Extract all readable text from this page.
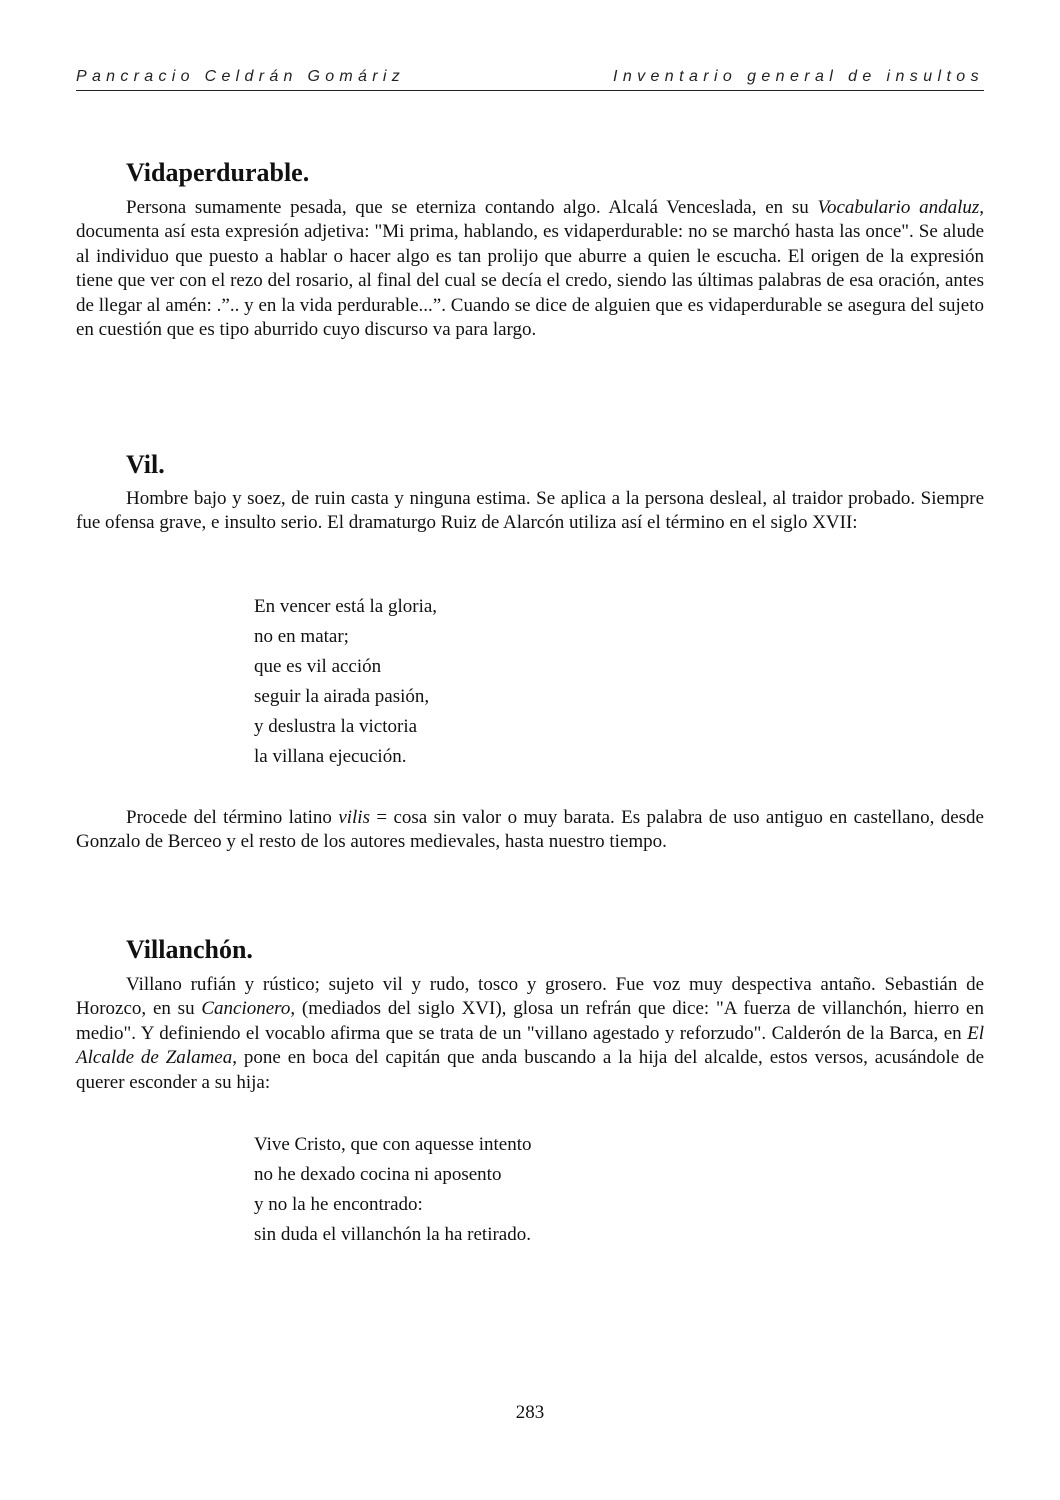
Pancracio Celdrán Gomáriz	Inventario general de insultos
Vidaperdurable.

Persona sumamente pesada, que se eterniza contando algo. Alcalá Venceslada, en su Vocabulario andaluz, documenta así esta expresión adjetiva: "Mi prima, hablando, es vidaperdurable: no se marchó hasta las once". Se alude al individuo que puesto a hablar o hacer algo es tan prolijo que aburre a quien le escucha. El origen de la expresión tiene que ver con el rezo del rosario, al final del cual se decía el credo, siendo las últimas palabras de esa oración, antes de llegar al amén: .”.. y en la vida perdurable...”. Cuando se dice de alguien que es vidaperdurable se asegura del sujeto en cuestión que es tipo aburrido cuyo discurso va para largo.

Vil.

Hombre bajo y soez, de ruin casta y ninguna estima. Se aplica a la persona desleal, al traidor probado. Siempre fue ofensa grave, e insulto serio. El dramaturgo Ruiz de Alarcón utiliza así el término en el siglo XVII:

En vencer está la gloria,
no en matar;
que es vil acción
seguir la airada pasión,
y deslustra la victoria
la villana ejecución.

Procede del término latino vilis = cosa sin valor o muy barata. Es palabra de uso antiguo en castellano, desde Gonzalo de Berceo y el resto de los autores medievales, hasta nuestro tiempo.

Villanchón.

Villano rufián y rústico; sujeto vil y rudo, tosco y grosero. Fue voz muy despectiva antaño. Sebastián de Horozco, en su Cancionero, (mediados del siglo XVI), glosa un refrán que dice: "A fuerza de villanchón, hierro en medio". Y definiendo el vocablo afirma que se trata de un "villano agestado y reforzudo". Calderón de la Barca, en El Alcalde de Zalamea, pone en boca del capitán que anda buscando a la hija del alcalde, estos versos, acusándole de querer esconder a su hija:

Vive Cristo, que con aquesse intento
no he dexado cocina ni aposento
y no la he encontrado:
sin duda el villanchón la ha retirado.
283
